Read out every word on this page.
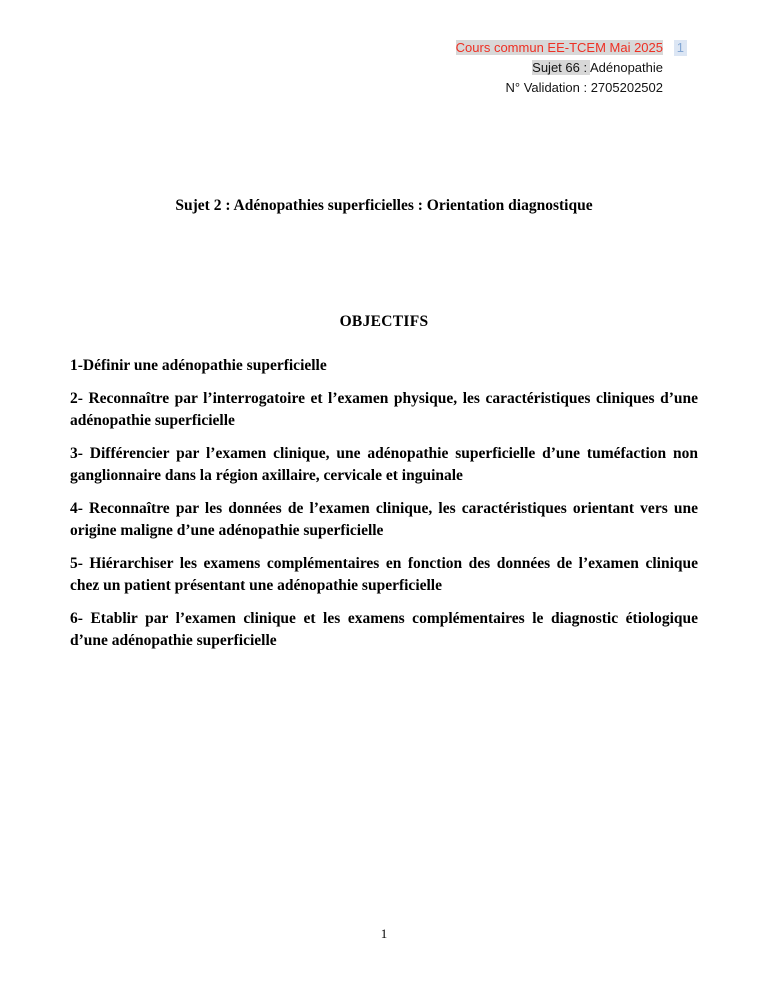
Cours commun EE-TCEM Mai 2025 1
Sujet 66 : Adénopathie
N° Validation : 2705202502
Sujet 2 : Adénopathies superficielles : Orientation diagnostique
OBJECTIFS

1-Définir une adénopathie superficielle

2- Reconnaître par l’interrogatoire et l’examen physique, les caractéristiques cliniques d’une adénopathie superficielle

3- Différencier par l’examen clinique, une adénopathie superficielle d’une tuméfaction non ganglionnaire dans la région axillaire, cervicale et inguinale

4- Reconnaître par les données de l’examen clinique, les caractéristiques orientant vers une origine maligne d’une adénopathie superficielle

5- Hiérarchiser les examens complémentaires en fonction des données de l’examen clinique chez un patient présentant une adénopathie superficielle

6- Etablir par l’examen clinique et les examens complémentaires le diagnostic étiologique d’une adénopathie superficielle

1
